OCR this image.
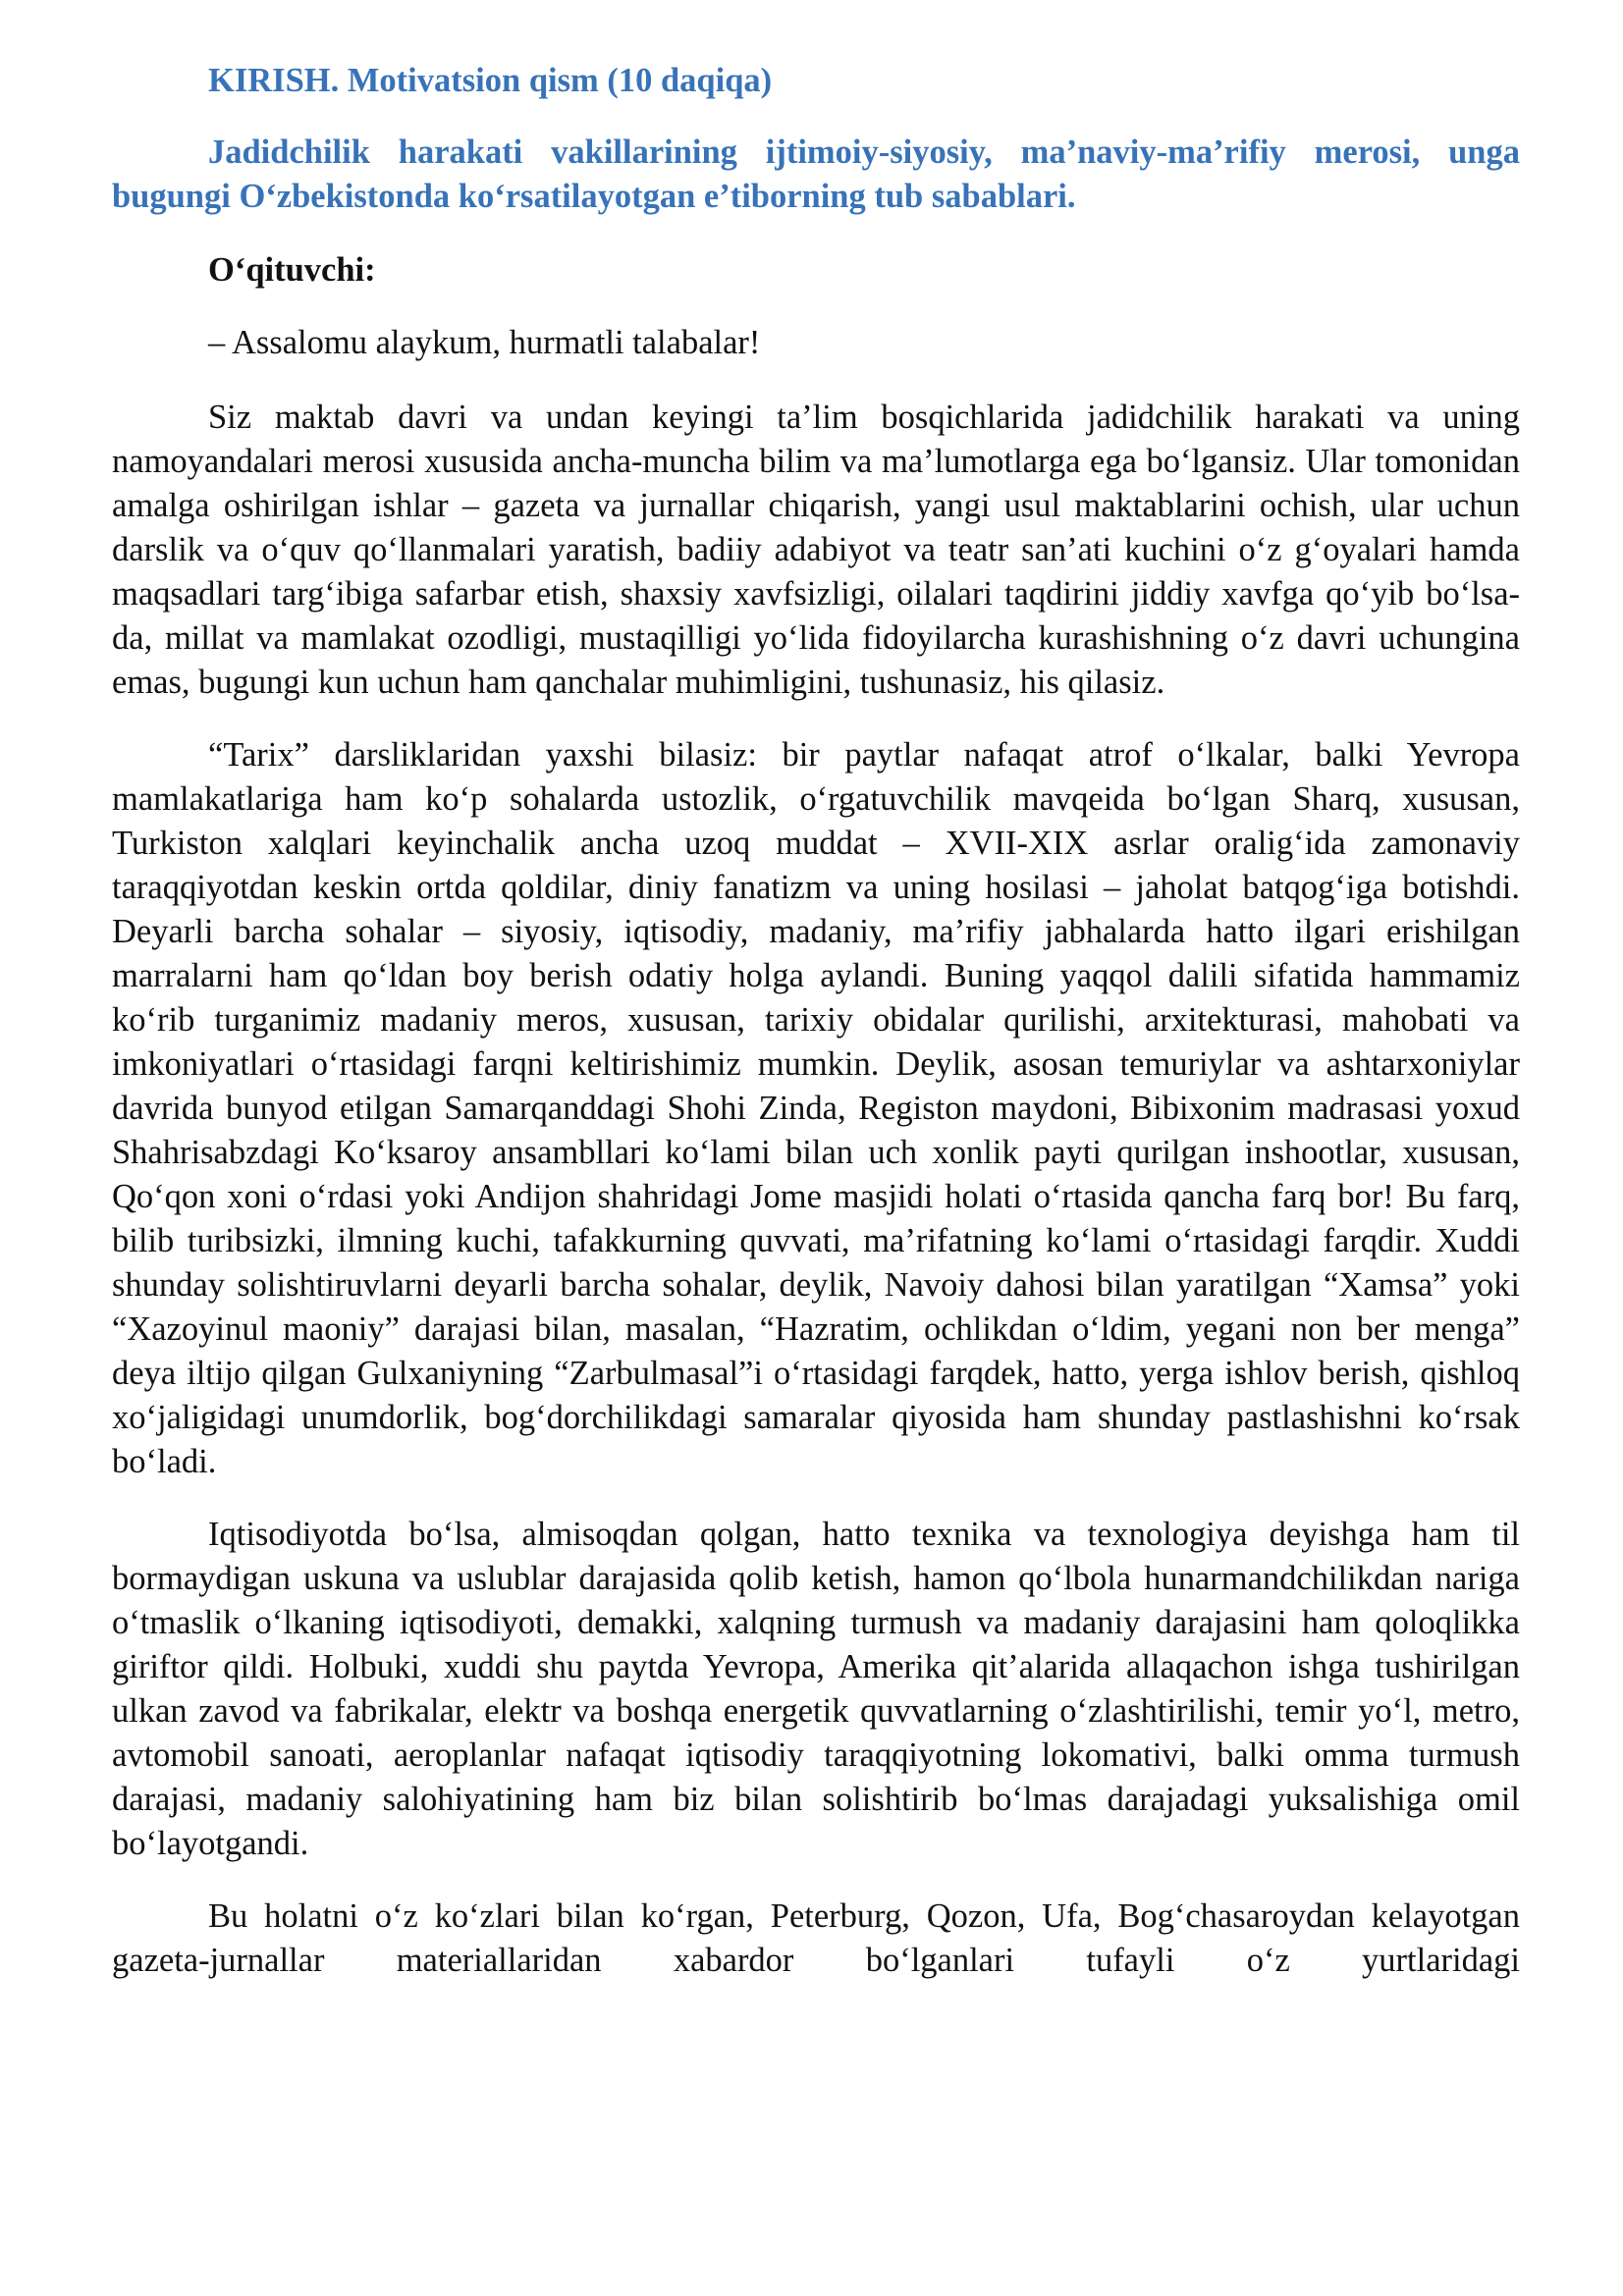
KIRISH. Motivatsion qism (10 daqiqa)

Jadidchilik harakati vakillarining ijtimoiy-siyosiy, ma’naviy-ma’rifiy merosi, unga bugungi O‘zbekistonda ko‘rsatilayotgan e’tiborning tub sabablari.

O‘qituvchi:

– Assalomu alaykum, hurmatli talabalar!

Siz maktab davri va undan keyingi ta’lim bosqichlarida jadidchilik harakati va uning namoyandalari merosi xususida ancha-muncha bilim va ma’lumotlarga ega bo‘lgansiz. Ular tomonidan amalga oshirilgan ishlar – gazeta va jurnallar chiqarish, yangi usul maktablarini ochish, ular uchun darslik va o‘quv qo‘llanmalari yaratish, badiiy adabiyot va teatr san’ati kuchini o‘z g‘oyalari hamda maqsadlari targ‘ibiga safarbar etish, shaxsiy xavfsizligi, oilalari taqdirini jiddiy xavfga qo‘yib bo‘lsa-da, millat va mamlakat ozodligi, mustaqilligi yo‘lida fidoyilarcha kurashishning o‘z davri uchungina emas, bugungi kun uchun ham qanchalar muhimligini, tushunasiz, his qilasiz.

“Tarix” darsliklaridan yaxshi bilasiz: bir paytlar nafaqat atrof o‘lkalar, balki Yevropa mamlakatlariga ham ko‘p sohalarda ustozlik, o‘rgatuvchilik mavqeida bo‘lgan Sharq, xususan, Turkiston xalqlari keyinchalik ancha uzoq muddat – XVII-XIX asrlar oralig‘ida zamonaviy taraqqiyotdan keskin ortda qoldilar, diniy fanatizm va uning hosilasi – jaholat batqog‘iga botishdi. Deyarli barcha sohalar – siyosiy, iqtisodiy, madaniy, ma’rifiy jabhalarda hatto ilgari erishilgan marralarni ham qo‘ldan boy berish odatiy holga aylandi. Buning yaqqol dalili sifatida hammamiz ko‘rib turganimiz madaniy meros, xususan, tarixiy obidalar qurilishi, arxitekturasi, mahobati va imkoniyatlari o‘rtasidagi farqni keltirishimiz mumkin. Deylik, asosan temuriylar va ashtarxoniylar davrida bunyod etilgan Samarqanddagi Shohi Zinda, Registon maydoni, Bibixonim madrasasi yoxud Shahrisabzdagi Ko‘ksaroy ansambllari ko‘lami bilan uch xonlik payti qurilgan inshootlar, xususan, Qo‘qon xoni o‘rdasi yoki Andijon shahridagi Jome masjidi holati o‘rtasida qancha farq bor! Bu farq, bilib turibsizki, ilmning kuchi, tafakkurning quvvati, ma’rifatning ko‘lami o‘rtasidagi farqdir. Xuddi shunday solishtiruvlarni deyarli barcha sohalar, deylik, Navoiy dahosi bilan yaratilgan “Xamsa” yoki “Xazoyinul maoniy” darajasi bilan, masalan, “Hazratim, ochlikdan o‘ldim, yegani non ber menga” deya iltijo qilgan Gulxaniyning “Zarbulmasal”i o‘rtasidagi farqdek, hatto, yerga ishlov berish, qishloq xo‘jaligidagi unumdorlik, bog‘dorchilikdagi samaralar qiyosida ham shunday pastlashishni ko‘rsak bo‘ladi.

Iqtisodiyotda bo‘lsa, almisoqdan qolgan, hatto texnika va texnologiya deyishga ham til bormaydigan uskuna va uslublar darajasida qolib ketish, hamon qo‘lbola hunarmandchilikdan nariga o‘tmaslik o‘lkaning iqtisodiyoti, demakki, xalqning turmush va madaniy darajasini ham qoloqlikka giriftor qildi. Holbuki, xuddi shu paytda Yevropa, Amerika qit’alarida allaqachon ishga tushirilgan ulkan zavod va fabrikalar, elektr va boshqa energetik quvvatlarning o‘zlashtirilishi, temir yo‘l, metro, avtomobil sanoati, aeroplanlar nafaqat iqtisodiy taraqqiyotning lokomativi, balki omma turmush darajasi, madaniy salohiyatining ham biz bilan solishtirib bo‘lmas darajadagi yuksalishiga omil bo‘layotgandi.

Bu holatni o‘z ko‘zlari bilan ko‘rgan, Peterburg, Qozon, Ufa, Bog‘chasaroydan kelayotgan gazeta-jurnallar materiallaridan xabardor bo‘lganlari tufayli o‘z yurtlaridagi
